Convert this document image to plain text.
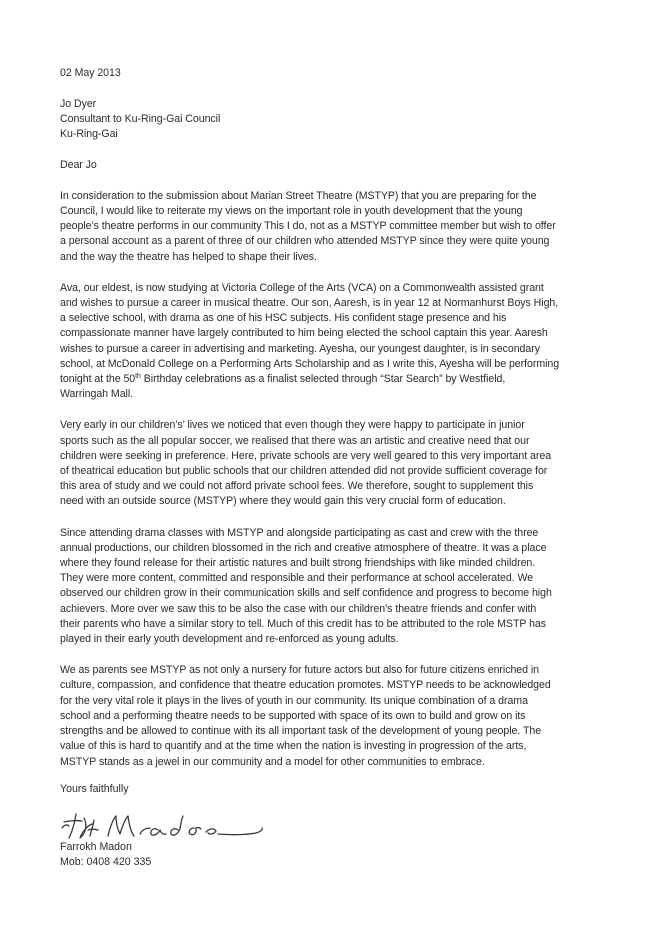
02 May 2013
Jo Dyer
Consultant to Ku-Ring-Gai Council
Ku-Ring-Gai
Dear Jo
In consideration to the submission about Marian Street Theatre (MSTYP) that you are preparing for the
Council, I would like to reiterate my views on the important role in youth development that the young
people’s theatre performs in our community This I do, not as a MSTYP committee member but wish to offer
a personal account as a parent of three of our children who attended MSTYP since they were quite young
and the way the theatre has helped to shape their lives.
Ava, our eldest, is now studying at Victoria College of the Arts (VCA) on a Commonwealth assisted grant
and wishes to pursue a career in musical theatre. Our son, Aaresh, is in year 12 at Normanhurst Boys High,
a selective school, with drama as one of his HSC subjects. His confident stage presence and his
compassionate manner have largely contributed to him being elected the school captain this year. Aaresh
wishes to pursue a career in advertising and marketing. Ayesha, our youngest daughter, is in secondary
school, at McDonald College on a Performing Arts Scholarship and as I write this, Ayesha will be performing
tonight at the 50th Birthday celebrations as a finalist selected through “Star Search” by Westfield,
Warringah Mall.
Very early in our children’s’ lives we noticed that even though they were happy to participate in junior
sports such as the all popular soccer, we realised that there was an artistic and creative need that our
children were seeking in preference. Here, private schools are very well geared to this very important area
of theatrical education but public schools that our children attended did not provide sufficient coverage for
this area of study and we could not afford private school fees. We therefore, sought to supplement this
need with an outside source (MSTYP) where they would gain this very crucial form of education.
Since attending drama classes with MSTYP and alongside participating as cast and crew with the three
annual productions, our children blossomed in the rich and creative atmosphere of theatre. It was a place
where they found release for their artistic natures and built strong friendships with like minded children.
They were more content, committed and responsible and their performance at school accelerated. We
observed our children grow in their communication skills and self confidence and progress to become high
achievers. More over we saw this to be also the case with our children’s theatre friends and confer with
their parents who have a similar story to tell. Much of this credit has to be attributed to the role MSTP has
played in their early youth development and re-enforced as young adults.
We as parents see MSTYP as not only a nursery for future actors but also for future citizens enriched in
culture, compassion, and confidence that theatre education promotes. MSTYP needs to be acknowledged
for the very vital role it plays in the lives of youth in our community. Its unique combination of a drama
school and a performing theatre needs to be supported with space of its own to build and grow on its
strengths and be allowed to continue with its all important task of the development of young people. The
value of this is hard to quantify and at the time when the nation is investing in progression of the arts,
MSTYP stands as a jewel in our community and a model for other communities to embrace.
Yours faithfully
Farrokh Madon
Mob: 0408 420 335
